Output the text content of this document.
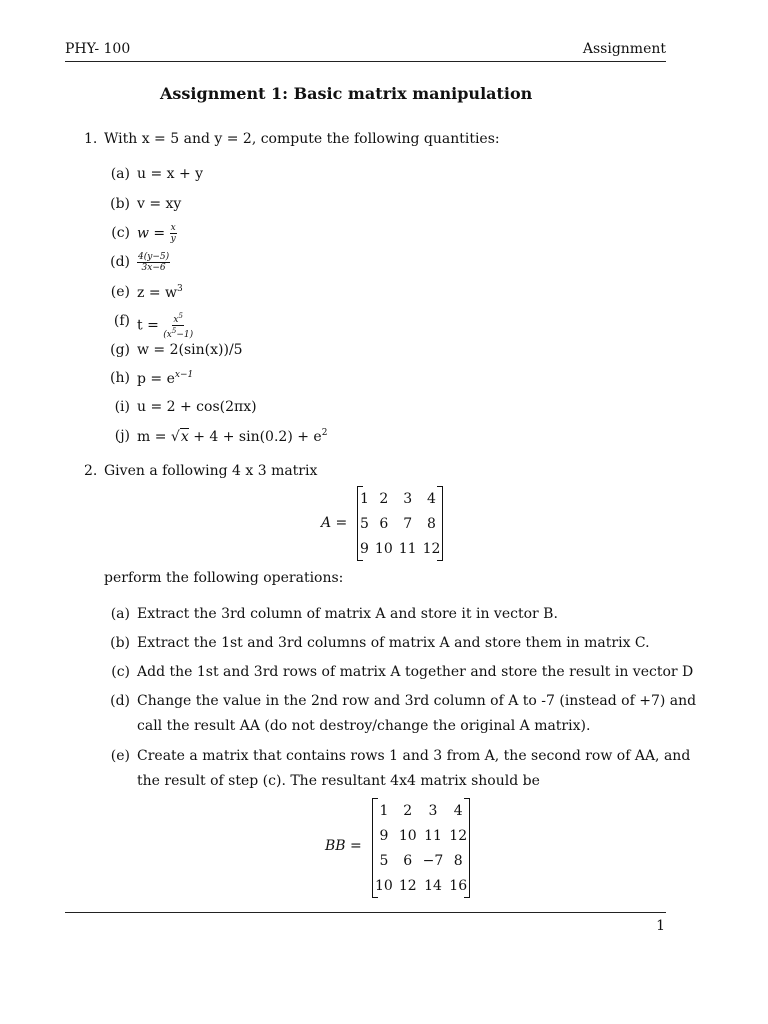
PHY- 100	Assignment
Assignment 1: Basic matrix manipulation
1. With x = 5 and y = 2, compute the following quantities:
(a) u = x + y
(b) v = xy
(c) $w = \frac{x}{y}$
$(d) \frac{4(y-5)}{3x-6}$
(e) $z = w^3$
(f) $t = \frac{x^5}{(x^5-1)}$
(g) w = 2(sin(x))/5
(h) $p = e^{x-1}$
(i) u = 2 + cos(2πx)
(j) $m = √x + 4 + \sin(0.2) + e^2$
2. Given a following 4 x 3 matrix
A =
1	2	3	4
5	6	7	8
9	10	11	12
perform the following operations:
(a) Extract the 3rd column of matrix A and store it in vector B.
(b) Extract the 1st and 3rd columns of matrix A and store them in matrix C.
(c) Add the 1st and 3rd rows of matrix A together and store the result in vector D
(d) Change the value in the 2nd row and 3rd column of A to -7 (instead of +7) and
call the result AA (do not destroy/change the original A matrix).
(e) Create a matrix that contains rows 1 and 3 from A, the second row of AA, and
the result of step (c). The resultant 4x4 matrix should be
BB =
1	2	3	4
9	10	11	12
5	6	−7	8
10	12	14	16
1
